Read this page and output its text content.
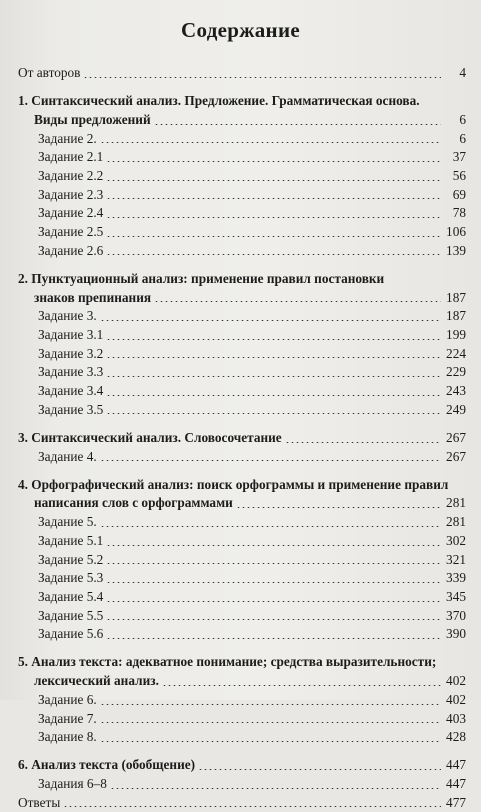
Содержание
От авторов	4
1. Синтаксический анализ. Предложение. Грамматическая основа.
Виды предложений	6
Задание 2.	6
Задание 2.1	37
Задание 2.2	56
Задание 2.3	69
Задание 2.4	78
Задание 2.5	106
Задание 2.6	139
2. Пунктуационный анализ: применение правил постановки
знаков препинания	187
Задание 3.	187
Задание 3.1	199
Задание 3.2	224
Задание 3.3	229
Задание 3.4	243
Задание 3.5	249
3. Синтаксический анализ. Словосочетание	267
Задание 4.	267
4. Орфографический анализ: поиск орфограммы и применение правил
написания слов с орфограммами	281
Задание 5.	281
Задание 5.1	302
Задание 5.2	321
Задание 5.3	339
Задание 5.4	345
Задание 5.5	370
Задание 5.6	390
5. Анализ текста: адекватное понимание; средства выразительности;
лексический анализ.	402
Задание 6.	402
Задание 7.	403
Задание 8.	428
6. Анализ текста (обобщение)	447
Задания 6–8	447
Ответы	477
